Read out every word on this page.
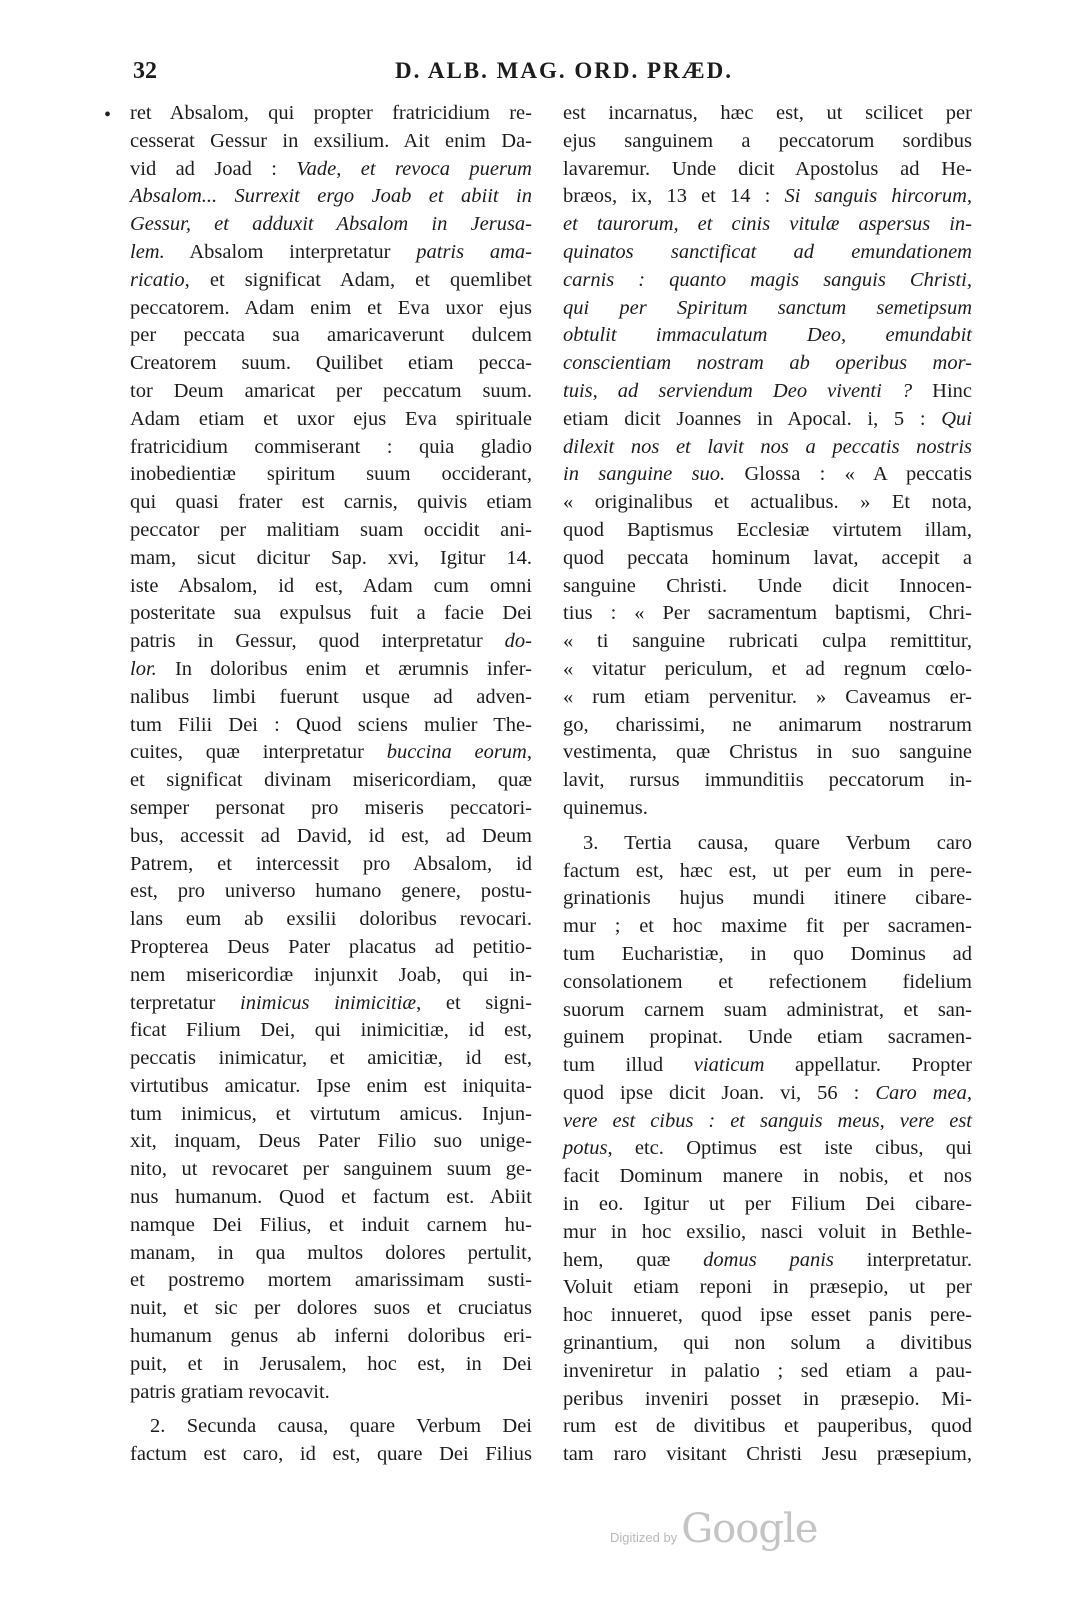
32	D. ALB. MAG. ORD. PRÆD.
• ret Absalom, qui propter fratricidium re-
cesserat Gessur in exsilium. Ait enim Da-
vid ad Joad : Vade, et revoca puerum
Absalom... Surrexit ergo Joab et abiit in
Gessur, et adduxit Absalom in Jerusa-
lem. Absalom interpretatur patris ama-
ricatio, et significat Adam, et quemlibet
peccatorem. Adam enim et Eva uxor ejus
per peccata sua amaricaverunt dulcem
Creatorem suum. Quilibet etiam pecca-
tor Deum amaricat per peccatum suum.
Adam etiam et uxor ejus Eva spirituale
fratricidium commiserant : quia gladio
inobedientiæ spiritum suum occiderant,
qui quasi frater est carnis, quivis etiam
peccator per malitiam suam occidit ani-
mam, sicut dicitur Sap. xvi, Igitur 14.
iste Absalom, id est, Adam cum omni
posteritate sua expulsus fuit a facie Dei
patris in Gessur, quod interpretatur do-
lor. In doloribus enim et ærumnis infer-
nalibus limbi fuerunt usque ad adven-
tum Filii Dei : Quod sciens mulier The-
cuites, quæ interpretatur buccina eorum,
et significat divinam misericordiam, quæ
semper personat pro miseris peccatori-
bus, accessit ad David, id est, ad Deum
Patrem, et intercessit pro Absalom, id
est, pro universo humano genere, postu-
lans eum ab exsilii doloribus revocari.
Propterea Deus Pater placatus ad petitio-
nem misericordiæ injunxit Joab, qui in-
terpretatur inimicus inimicitiæ, et signi-
ficat Filium Dei, qui inimicitiæ, id est,
peccatis inimicatur, et amicitiæ, id est,
virtutibus amicatur. Ipse enim est iniquita-
tum inimicus, et virtutum amicus. Injun-
xit, inquam, Deus Pater Filio suo unige-
nito, ut revocaret per sanguinem suum ge-
nus humanum. Quod et factum est. Abiit
namque Dei Filius, et induit carnem hu-
manam, in qua multos dolores pertulit,
et postremo mortem amarissimam susti-
nuit, et sic per dolores suos et cruciatus
humanum genus ab inferni doloribus eri-
puit, et in Jerusalem, hoc est, in Dei
patris gratiam revocavit.
2. Secunda causa, quare Verbum Dei
factum est caro, id est, quare Dei Filius
est incarnatus, hæc est, ut scilicet per
ejus sanguinem a peccatorum sordibus
lavaremur. Unde dicit Apostolus ad He-
bræos, ix, 13 et 14 : Si sanguis hircorum,
et taurorum, et cinis vitulæ aspersus in-
quinatos sanctificat ad emundationem
carnis : quanto magis sanguis Christi,
qui per Spiritum sanctum semetipsum
obtulit immaculatum Deo, emundabit
conscientiam nostram ab operibus mor-
tuis, ad serviendum Deo viventi ? Hinc
etiam dicit Joannes in Apocal. i, 5 : Qui
dilexit nos et lavit nos a peccatis nostris
in sanguine suo. Glossa : « A peccatis
« originalibus et actualibus. » Et nota,
quod Baptismus Ecclesiæ virtutem illam,
quod peccata hominum lavat, accepit a
sanguine Christi. Unde dicit Innocen-
tius : « Per sacramentum baptismi, Chri-
« ti sanguine rubricati culpa remittitur,
« vitatur periculum, et ad regnum cœlo-
« rum etiam pervenitur. » Caveamus er-
go, charissimi, ne animarum nostrarum
vestimenta, quæ Christus in suo sanguine
lavit, rursus immunditiis peccatorum in-
quinemus.
3. Tertia causa, quare Verbum caro
factum est, hæc est, ut per eum in pere-
grinationis hujus mundi itinere cibare-
mur ; et hoc maxime fit per sacramen-
tum Eucharistiæ, in quo Dominus ad
consolationem et refectionem fidelium
suorum carnem suam administrat, et san-
guinem propinat. Unde etiam sacramen-
tum illud viaticum appellatur. Propter
quod ipse dicit Joan. vi, 56 : Caro mea,
vere est cibus : et sanguis meus, vere est
potus, etc. Optimus est iste cibus, qui
facit Dominum manere in nobis, et nos
in eo. Igitur ut per Filium Dei cibare-
mur in hoc exsilio, nasci voluit in Bethle-
hem, quæ domus panis interpretatur.
Voluit etiam reponi in præsepio, ut per
hoc innueret, quod ipse esset panis pere-
grinantium, qui non solum a divitibus
inveniretur in palatio ; sed etiam a pau-
peribus inveniri posset in præsepio. Mi-
rum est de divitibus et pauperibus, quod
tam raro visitant Christi Jesu præsepium,
Digitized by Google
